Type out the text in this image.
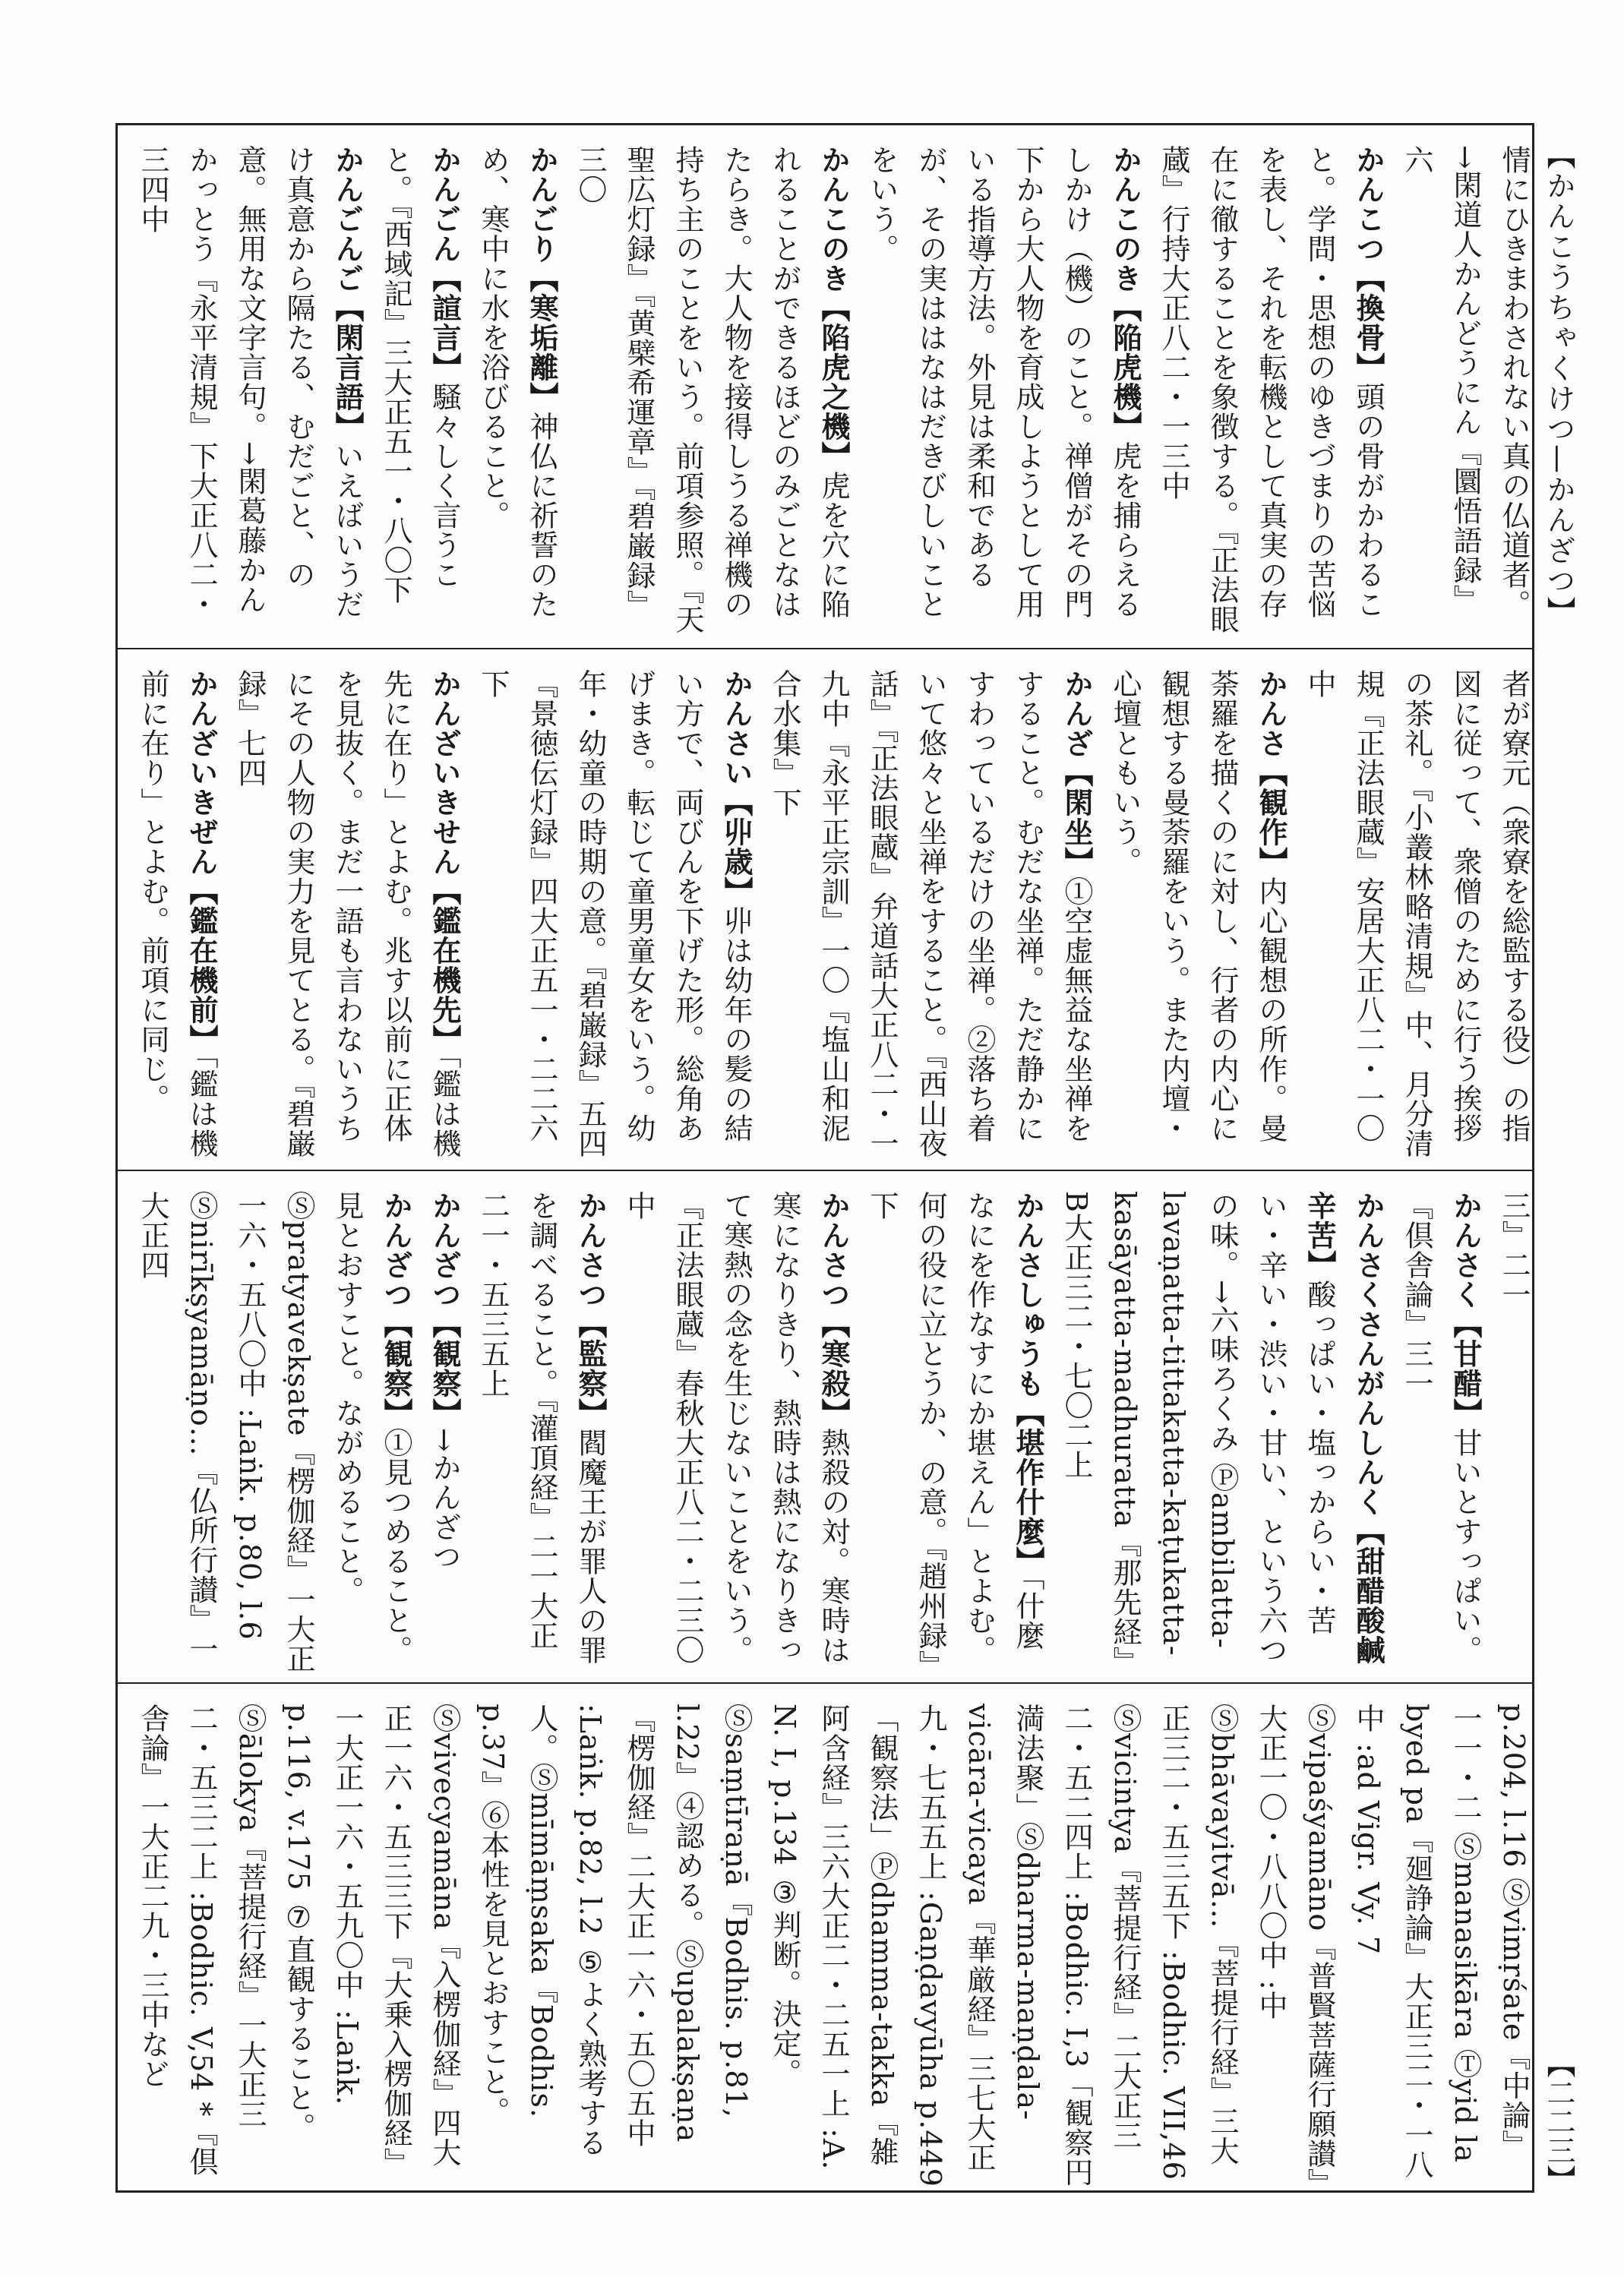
【かんこうちゃくけつ—かんざつ】
【二二三】
情にひきまわされない真の仏道者。→閑道人かんどうにん『圜悟語録』六
かんこつ【換骨】頭の骨がかわること。学問・思想のゆきづまりの苦悩を表し、それを転機として真実の存在に徹することを象徴する。『正法眼蔵』行持大正八二・一三中
かんこのき【陥虎機】虎を捕らえるしかけ（機）のこと。禅僧がその門下から大人物を育成しようとして用いる指導方法。外見は柔和であるが、その実ははなはだきびしいことをいう。
かんこのき【陷虎之機】虎を穴に陥れることができるほどのみごとなはたらき。大人物を接得しうる禅機の持ち主のことをいう。前項参照。『天聖広灯録』『黄檗希運章』『碧巌録』三〇
かんごり【寒垢離】神仏に祈誓のため、寒中に水を浴びること。
かんごん【諠言】騒々しく言うこと。『西域記』三大正五一・八〇下
かんごんご【閑言語】いえばいうだけ真意から隔たる、むだごと、の意。無用な文字言句。→閑葛藤かんかっとう『永平清規』下大正八二・三四中
者が寮元（衆寮を総監する役）の指図に従って、衆僧のために行う挨拶の茶礼。『小叢林略清規』中、月分清規『正法眼蔵』安居大正八二・一〇中
かんさ【観作】内心観想の所作。曼荼羅を描くのに対し、行者の内心に観想する曼荼羅をいう。また内壇・心壇ともいう。
かんざ【閑坐】①空虚無益な坐禅をすること。むだな坐禅。ただ静かにすわっているだけの坐禅。②落ち着いて悠々と坐禅をすること。『西山夜話』『正法眼蔵』弁道話大正八二・一九中『永平正宗訓』一〇『塩山和泥合水集』下
かんさい【丱歳】丱は幼年の髪の結い方で、両びんを下げた形。総角あげまき。転じて童男童女をいう。幼年・幼童の時期の意。『碧巌録』五四『景徳伝灯録』四大正五一・二二六下
かんざいきせん【鑑在機先】「鑑は機先に在り」とよむ。兆す以前に正体を見抜く。まだ一語も言わないうちにその人物の実力を見てとる。『碧巌録』七四
かんざいきぜん【鑑在機前】「鑑は機前に在り」とよむ。前項に同じ。
三』二一
かんさく【甘醋】甘いとすっぱい。『倶舎論』三一
かんさくさんがんしんく【甜醋酸鹹辛苦】酸っぱい・塩っからい・苦い・辛い・渋い・甘い、という六つの味。→六味ろくみ Ⓟambilatta-lavaṇatta-tittakatta-kaṭukatta-kasāyatta-madhuratta『那先経』B大正三二・七〇二上
かんさしゅうも【堪作什麼】「什麼なにを作なすにか堪えん」とよむ。何の役に立とうか、の意。『趙州録』下
かんさつ【寒殺】熱殺の対。寒時は寒になりきり、熱時は熱になりきって寒熱の念を生じないことをいう。『正法眼蔵』春秋大正八二・二三〇中
かんさつ【監察】閻魔王が罪人の罪を調べること。『灌頂経』二一大正二一・五三五上
かんざつ【観察】→かんざつ
かんざつ【観察】①見つめること。見とおすこと。ながめること。Ⓢpratyavekṣate『楞伽経』一大正一六・五八〇中 :Laṅk. p.80, l.6 Ⓢnirīkṣyamāṇo…『仏所行讃』一大正四
p.204, l.16 Ⓢvimṛśate『中論』一一・二 Ⓢmanasikāra Ⓣyid la byed pa『廻諍論』大正三二・一八中 :ad Vigr. Vy. 7 Ⓢvipaśyamāno『普賢菩薩行願讃』大正一〇・八八〇中 :中 Ⓢbhāvayitvā…『菩提行経』三大正三二・五三五下 :Bodhic. VII,46 Ⓢvicintya『菩提行経』二大正三二・五二四上 :Bodhic. I,3「観察円満法聚」Ⓢdharma-maṇḍala-vicāra-vicaya『華厳経』三七大正九・七五五上 :Gaṇḍavyūha p.449「観察法」Ⓟdhamma-takka『雑阿含経』三六大正二・二五一上 :A. N. I, p.134 ③判断。決定。Ⓢsaṃtīraṇā『Bodhis. p.81, l.22』④認める。Ⓢupalakṣaṇa『楞伽経』二大正一六・五〇五中 :Laṅk. p.82, l.2 ⑤よく熟考する人。Ⓢmīmāṃsaka『Bodhis. p.37』⑥本性を見とおすこと。Ⓢvivecyamāna『入楞伽経』四大正一六・五三三下『大乗入楞伽経』一大正一六・五九〇中 :Laṅk. p.116, v.175 ⑦直観すること。Ⓢālokya『菩提行経』一大正三二・五三二上 :Bodhic. V,54 *『倶舎論』一大正二九・三中など
